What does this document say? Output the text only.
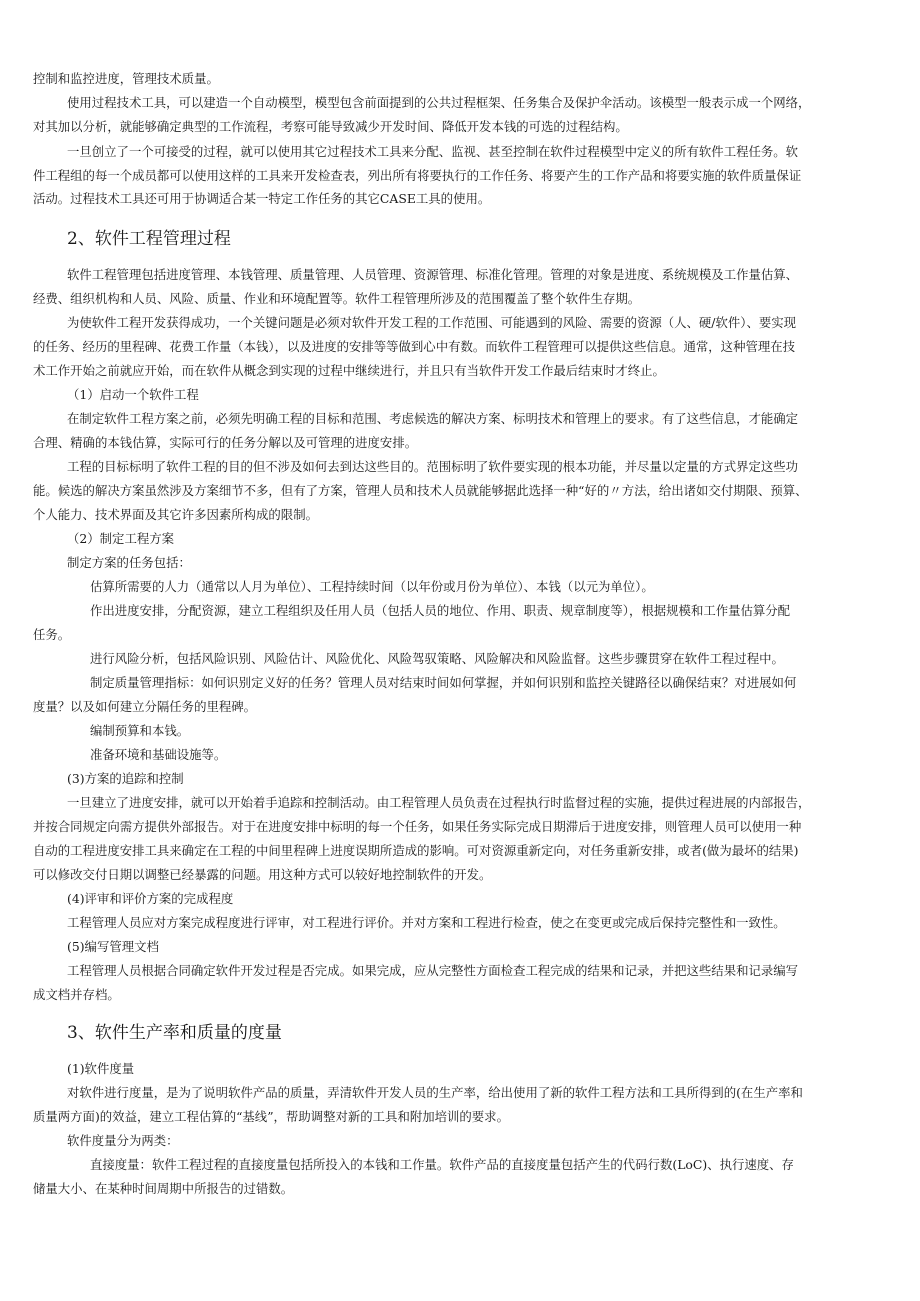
控制和监控进度，管理技术质量。
使用过程技术工具，可以建造一个自动模型，模型包含前面提到的公共过程框架、任务集合及保护伞活动。该模型一般表示成一个网络，
对其加以分析，就能够确定典型的工作流程，考察可能导致减少开发时间、降低开发本钱的可选的过程结构。
一旦创立了一个可接受的过程，就可以使用其它过程技术工具来分配、监视、甚至控制在软件过程模型中定义的所有软件工程任务。软
件工程组的每一个成员都可以使用这样的工具来开发检查表，列出所有将要执行的工作任务、将要产生的工作产品和将要实施的软件质量保证
活动。过程技术工具还可用于协调适合某一特定工作任务的其它CASE工具的使用。
2、软件工程管理过程
软件工程管理包括进度管理、本钱管理、质量管理、人员管理、资源管理、标准化管理。管理的对象是进度、系统规模及工作量估算、
经费、组织机构和人员、风险、质量、作业和环境配置等。软件工程管理所涉及的范围覆盖了整个软件生存期。
为使软件工程开发获得成功，一个关键问题是必须对软件开发工程的工作范围、可能遇到的风险、需要的资源（人、硬/软件）、要实现
的任务、经历的里程碑、花费工作量（本钱），以及进度的安排等等做到心中有数。而软件工程管理可以提供这些信息。通常，这种管理在技
术工作开始之前就应开始，而在软件从概念到实现的过程中继续进行，并且只有当软件开发工作最后结束时才终止。
（1）启动一个软件工程
在制定软件工程方案之前，必须先明确工程的目标和范围、考虑候选的解决方案、标明技术和管理上的要求。有了这些信息，才能确定
合理、精确的本钱估算，实际可行的任务分解以及可管理的进度安排。
工程的目标标明了软件工程的目的但不涉及如何去到达这些目的。范围标明了软件要实现的根本功能，并尽量以定量的方式界定这些功
能。候选的解决方案虽然涉及方案细节不多，但有了方案，管理人员和技术人员就能够据此选择一种“好的〃方法，给出诸如交付期限、预算、
个人能力、技术界面及其它许多因素所构成的限制。
（2）制定工程方案
制定方案的任务包括：
估算所需要的人力（通常以人月为单位）、工程持续时间（以年份或月份为单位）、本钱（以元为单位）。
作出进度安排，分配资源，建立工程组织及任用人员（包括人员的地位、作用、职责、规章制度等），根据规模和工作量估算分配
任务。
进行风险分析，包括风险识别、风险估计、风险优化、风险驾驭策略、风险解决和风险监督。这些步骤贯穿在软件工程过程中。
制定质量管理指标：如何识别定义好的任务？管理人员对结束时间如何掌握，并如何识别和监控关键路径以确保结束？对进展如何
度量？以及如何建立分隔任务的里程碑。
编制预算和本钱。
准备环境和基础设施等。
(3)方案的追踪和控制
一旦建立了进度安排，就可以开始着手追踪和控制活动。由工程管理人员负责在过程执行时监督过程的实施，提供过程进展的内部报告，
并按合同规定向需方提供外部报告。对于在进度安排中标明的每一个任务，如果任务实际完成日期滞后于进度安排，则管理人员可以使用一种
自动的工程进度安排工具来确定在工程的中间里程碑上进度误期所造成的影响。可对资源重新定向，对任务重新安排，或者(做为最坏的结果)
可以修改交付日期以调整已经暴露的问题。用这种方式可以较好地控制软件的开发。
(4)评审和评价方案的完成程度
工程管理人员应对方案完成程度进行评审，对工程进行评价。并对方案和工程进行检查，使之在变更或完成后保持完整性和一致性。
(5)编写管理文档
工程管理人员根据合同确定软件开发过程是否完成。如果完成，应从完整性方面检查工程完成的结果和记录，并把这些结果和记录编写
成文档并存档。
3、软件生产率和质量的度量
(1)软件度量
对软件进行度量，是为了说明软件产品的质量，弄清软件开发人员的生产率，给出使用了新的软件工程方法和工具所得到的(在生产率和
质量两方面)的效益，建立工程估算的“基线”，帮助调整对新的工具和附加培训的要求。
软件度量分为两类：
直接度量：软件工程过程的直接度量包括所投入的本钱和工作量。软件产品的直接度量包括产生的代码行数(LoC)、执行速度、存
储量大小、在某种时间周期中所报告的过错数。
